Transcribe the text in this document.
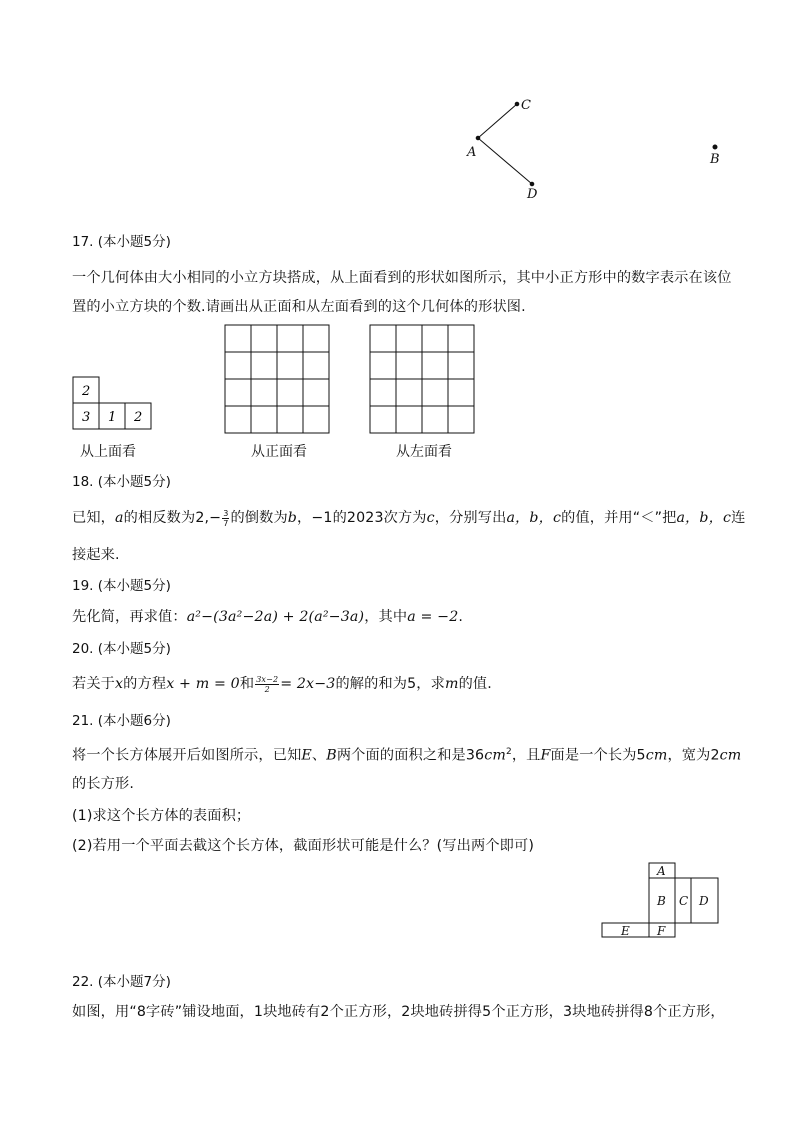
C
A
D
B
17. (本小题5分)
一个几何体由大小相同的小立方块搭成，从上面看到的形状如图所示，其中小正方形中的数字表示在该位
置的小立方块的个数.请画出从正面和从左面看到的这个几何体的形状图.
2
3 1 2
从上面看	从正面看	从左面看
18. (本小题5分)
已知，a的相反数为$2,- \frac{3}{7}$ 的倒数为b，−1的2023次方为c，分别写出a，b，c的值，并用“＜”把a，b，c连
接起来.
19. (本小题5分)
先化简，再求值：a²−(3a²−2a) + 2(a²−3a)，其中a = −2.
20. (本小题5分)
若关于x的方程x + m = 0和 $\frac{3x-2}{2} = 2x-3$的解的和为5，求m的值.
21. (本小题6分)
将一个长方体展开后如图所示，已知E、B两个面的面积之和是$36cm^2$，且F面是一个长为5cm，宽为2cm
的长方形.
(1)求这个长方体的表面积；
(2)若用一个平面去截这个长方体，截面形状可能是什么？(写出两个即可)
A
B C D
E F
22. (本小题7分)
如图，用“8字砖”铺设地面，1块地砖有2个正方形，2块地砖拼得5个正方形，3块地砖拼得8个正方形，
